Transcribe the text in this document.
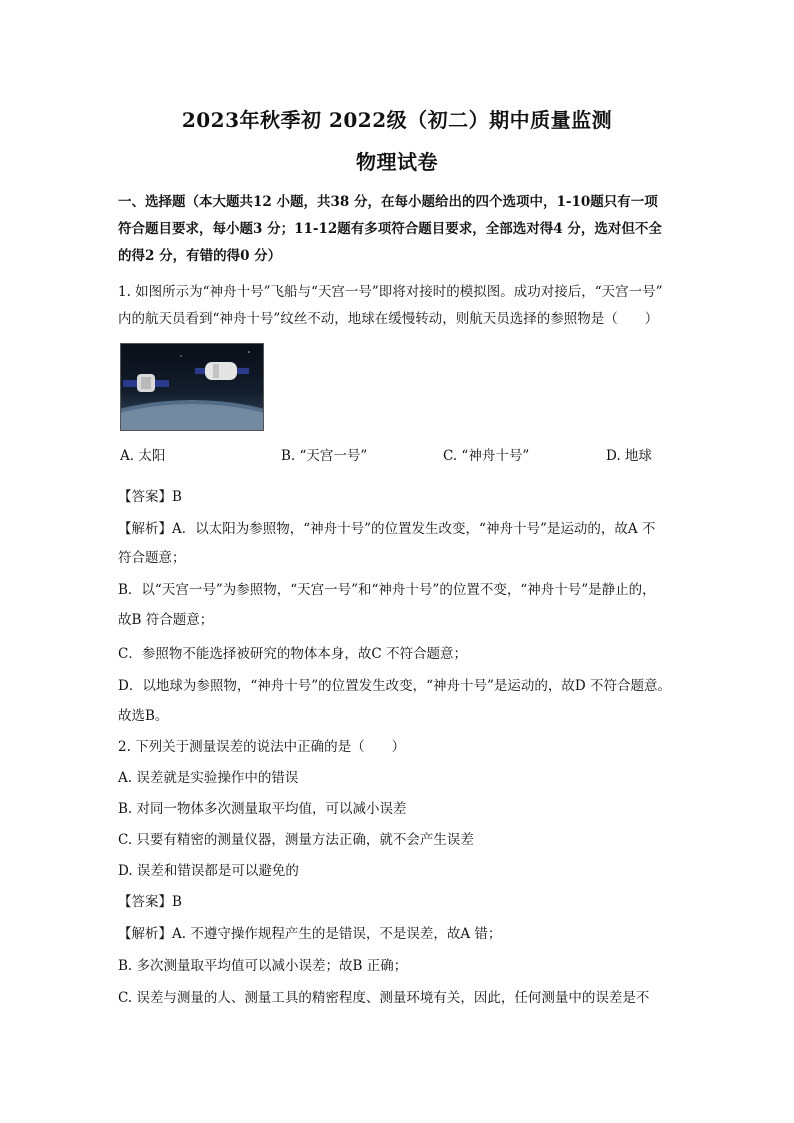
2023年秋季初 2022级（初二）期中质量监测
物理试卷
一、选择题（本大题共12 小题，共38 分，在每小题给出的四个选项中，1-10题只有一项
符合题目要求，每小题3 分；11-12题有多项符合题目要求，全部选对得4 分，选对但不全
的得2 分，有错的得0 分）
1. 如图所示为“神舟十号”飞船与“天宫一号”即将对接时的模拟图。成功对接后，“天宫一号”
内的航天员看到“神舟十号”纹丝不动，地球在缓慢转动，则航天员选择的参照物是（　　）
A. 太阳	B. “天宫一号”	C. “神舟十号”	D. 地球
【答案】B
【解析】A．以太阳为参照物，“神舟十号”的位置发生改变，“神舟十号”是运动的，故A 不
符合题意；
B．以“天宫一号”为参照物，“天宫一号”和“神舟十号”的位置不变，“神舟十号”是静止的，
故B 符合题意；
C．参照物不能选择被研究的物体本身，故C 不符合题意；
D．以地球为参照物，“神舟十号”的位置发生改变，“神舟十号”是运动的，故D 不符合题意。
故选B。
2. 下列关于测量误差的说法中正确的是（　　）
A. 误差就是实验操作中的错误
B. 对同一物体多次测量取平均值，可以减小误差
C. 只要有精密的测量仪器，测量方法正确，就不会产生误差
D. 误差和错误都是可以避免的
【答案】B
【解析】A. 不遵守操作规程产生的是错误，不是误差，故A 错；
B. 多次测量取平均值可以减小误差；故B 正确；
C. 误差与测量的人、测量工具的精密程度、测量环境有关，因此，任何测量中的误差是不
